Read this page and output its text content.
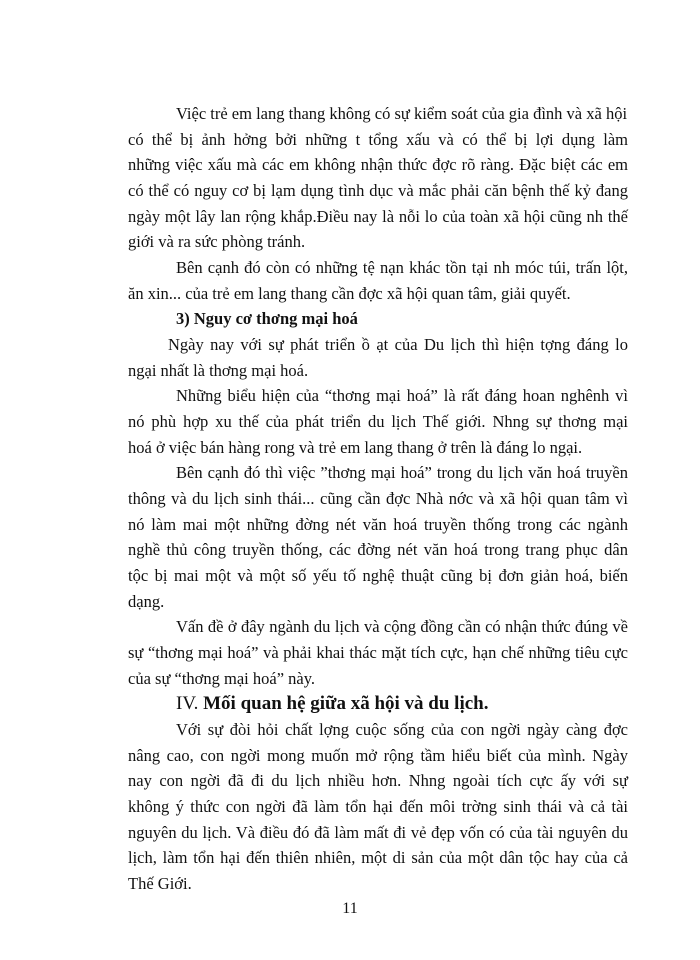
Việc trẻ em lang thang không có sự kiểm soát của gia đình và xã hội
có thể bị ảnh hởng bởi những t tổng xấu và có thể bị lợi dụng làm
những việc xấu mà các em không nhận thức đợc rõ ràng. Đặc biệt các em
có thể có nguy cơ bị lạm dụng tình dục và mắc phải căn bệnh thế kỷ đang
ngày một lây lan rộng khắp.Điều nay là nỗi lo của toàn xã hội cũng nh thế
giới và ra sức phòng tránh.
Bên cạnh đó còn có những tệ nạn khác tồn tại nh móc túi, trấn lột,
ăn xin... của trẻ em lang thang cần đợc xã hội quan tâm, giải quyết.
3) Nguy cơ thơng mại hoá
Ngày nay với sự phát triển ồ ạt của Du lịch thì hiện tợng đáng lo
ngại nhất là thơng mại hoá.
Những biểu hiện của “thơng mại hoá” là rất đáng hoan nghênh vì
nó phù hợp xu thế của phát triển du lịch Thế giới. Nhng sự thơng mại
hoá ở việc bán hàng rong và trẻ em lang thang ở trên là đáng lo ngại.
Bên cạnh đó thì việc ”thơng mại hoá” trong du lịch văn hoá truyền
thông và du lịch sinh thái... cũng cần đợc Nhà nớc và xã hội quan tâm vì
nó làm mai một những đờng nét văn hoá truyền thống trong các ngành
nghề thủ công truyền thống, các đờng nét văn hoá trong trang phục dân
tộc bị mai một và một số yếu tố nghệ thuật cũng bị đơn giản hoá, biến
dạng.
Vấn đề ở đây ngành du lịch và cộng đồng cần có nhận thức đúng về
sự “thơng mại hoá” và phải khai thác mặt tích cực, hạn chế những tiêu cực
của sự “thơng mại hoá” này.
IV. Mối quan hệ giữa xã hội và du lịch.
Với sự đòi hỏi chất lợng cuộc sống của con ngời ngày càng đợc
nâng cao, con ngời mong muốn mở rộng tầm hiểu biết của mình. Ngày
nay con ngời đã đi du lịch nhiều hơn. Nhng ngoài tích cực ấy với sự
không ý thức con ngời đã làm tổn hại đến môi trờng sinh thái và cả tài
nguyên du lịch. Và điều đó đã làm mất đi vẻ đẹp vốn có của tài nguyên du
lịch, làm tổn hại đến thiên nhiên, một di sản của một dân tộc hay của cả
Thế Giới.
11
